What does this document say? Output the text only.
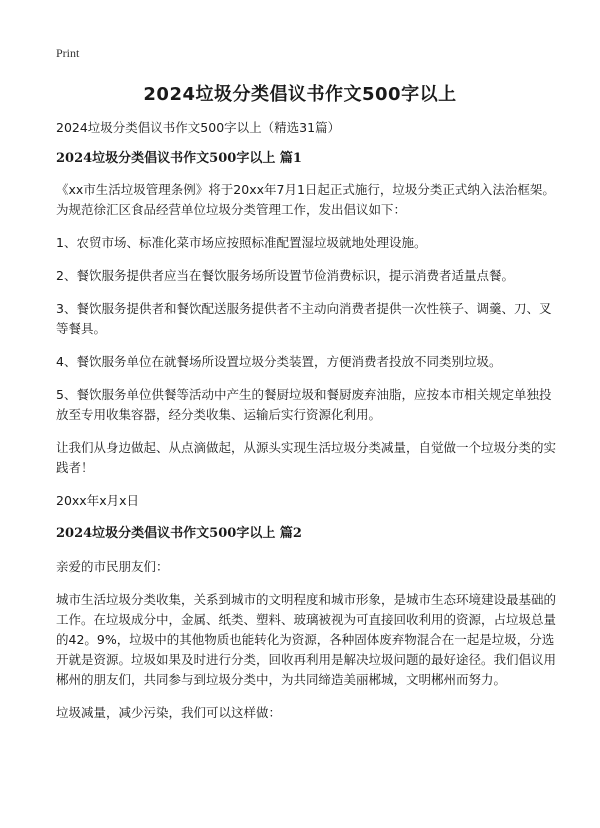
Print
2024垃圾分类倡议书作文500字以上

2024垃圾分类倡议书作文500字以上（精选31篇）

2024垃圾分类倡议书作文500字以上 篇1

《xx市生活垃圾管理条例》将于20xx年7月1日起正式施行，垃圾分类正式纳入法治框架。为规范徐汇区食品经营单位垃圾分类管理工作，发出倡议如下：

1、农贸市场、标准化菜市场应按照标准配置湿垃圾就地处理设施。

2、餐饮服务提供者应当在餐饮服务场所设置节俭消费标识，提示消费者适量点餐。

3、餐饮服务提供者和餐饮配送服务提供者不主动向消费者提供一次性筷子、调羹、刀、叉等餐具。

4、餐饮服务单位在就餐场所设置垃圾分类装置，方便消费者投放不同类别垃圾。

5、餐饮服务单位供餐等活动中产生的餐厨垃圾和餐厨废弃油脂，应按本市相关规定单独投放至专用收集容器，经分类收集、运输后实行资源化利用。

让我们从身边做起、从点滴做起，从源头实现生活垃圾分类减量，自觉做一个垃圾分类的实践者！

20xx年x月x日

2024垃圾分类倡议书作文500字以上 篇2

亲爱的市民朋友们：

城市生活垃圾分类收集，关系到城市的文明程度和城市形象，是城市生态环境建设最基础的工作。在垃圾成分中，金属、纸类、塑料、玻璃被视为可直接回收利用的资源，占垃圾总量的42。9%，垃圾中的其他物质也能转化为资源，各种固体废弃物混合在一起是垃圾，分选开就是资源。垃圾如果及时进行分类，回收再利用是解决垃圾问题的最好途径。我们倡议用郴州的朋友们，共同参与到垃圾分类中，为共同缔造美丽郴城，文明郴州而努力。

垃圾减量，减少污染，我们可以这样做：
